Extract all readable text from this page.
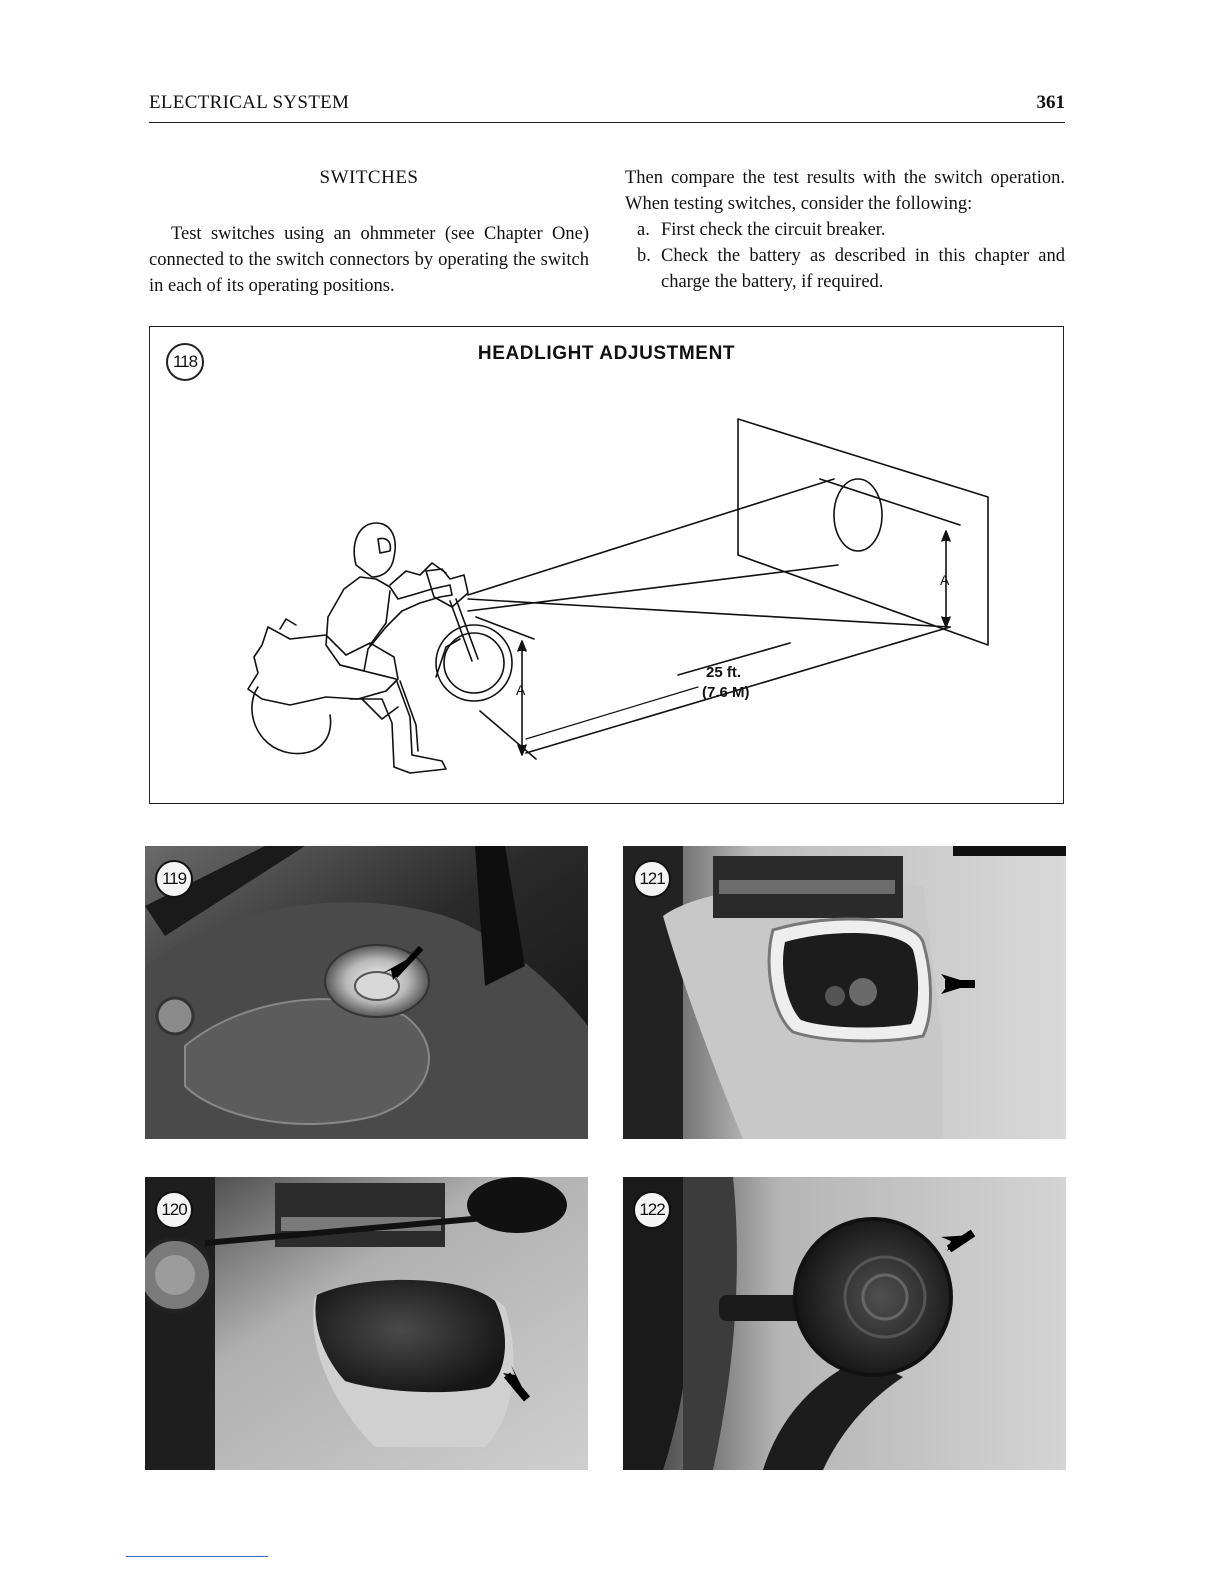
ELECTRICAL SYSTEM	361
SWITCHES

Test switches using an ohmmeter (see Chapter One) connected to the switch connectors by operating the switch in each of its operating positions.

Then compare the test results with the switch operation. When testing switches, consider the following:

a. First check the circuit breaker.
b. Check the battery as described in this chapter and charge the battery, if required.
118	HEADLIGHT ADJUSTMENT
A
A
25 ft.
(7.6 M)
119	121
120	122
